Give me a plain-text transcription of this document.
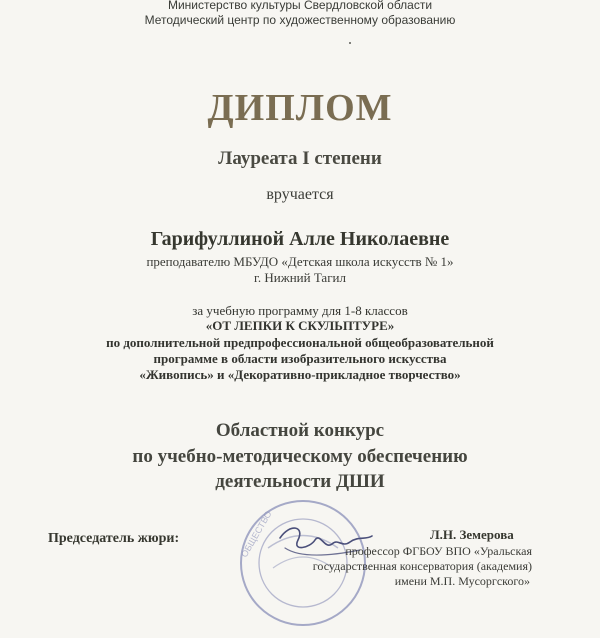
Министерство культуры Свердловской области
Методический центр по художественному образованию
ДИПЛОМ
Лауреата I степени
вручается
Гарифуллиной Алле Николаевне
преподавателю МБУДО «Детская школа искусств № 1»
г. Нижний Тагил
за учебную программу для 1-8 классов
«ОТ ЛЕПКИ К СКУЛЬПТУРЕ»
по дополнительной предпрофессиональной общеобразовательной
программе в области изобразительного искусства
«Живопись» и «Декоративно-прикладное творчество»
Областной конкурс
по учебно-методическому обеспечению
деятельности ДШИ
ОБЩЕСТВО
Председатель жюри:	Л.Н. Земерова
профессор ФГБОУ ВПО «Уральская
государственная консерватория (академия)
имени М.П. Мусоргского»
